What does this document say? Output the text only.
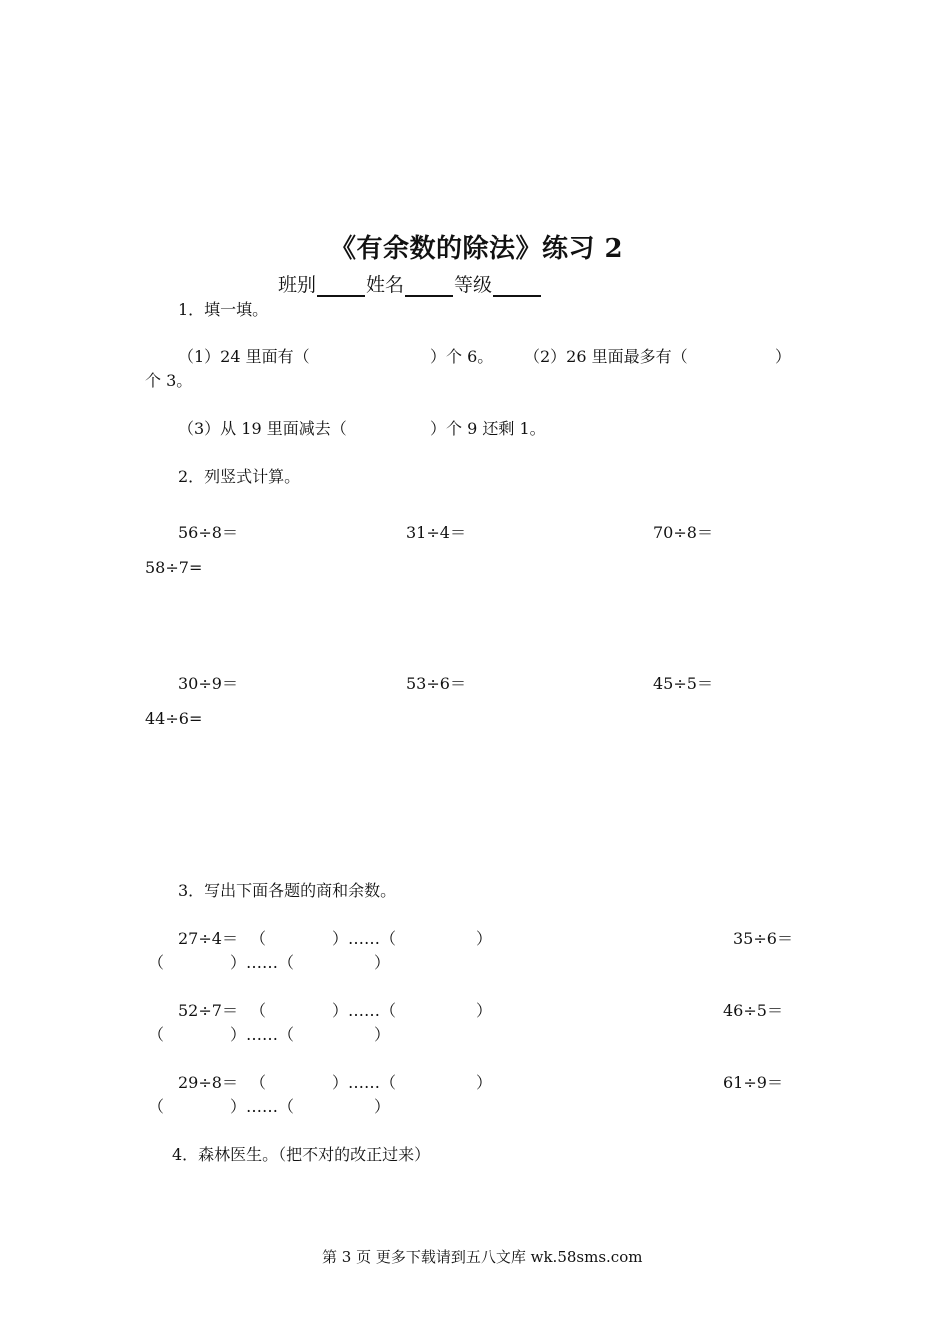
《有余数的除法》练习 2
班别	姓名	等级
1．填一填。
（1）24 里面有（	）个 6。 （2）26 里面最多有（	）
个 3。
（3）从 19 里面减去（	）个 9 还剩 1。
2．列竖式计算。
56÷8＝	31÷4＝	70÷8＝
58÷7=
30÷9＝	53÷6＝	45÷5＝
44÷6=
3．写出下面各题的商和余数。
27÷4＝ （	）……（	）	35÷6＝
（	）……（	）
52÷7＝ （	）……（	）	46÷5＝
（	）……（	）
29÷8＝ （	）……（	）	61÷9＝
（	）……（	）
4．森林医生。（把不对的改正过来）
第 3 页 更多下载请到五八文库 wk.58sms.com
